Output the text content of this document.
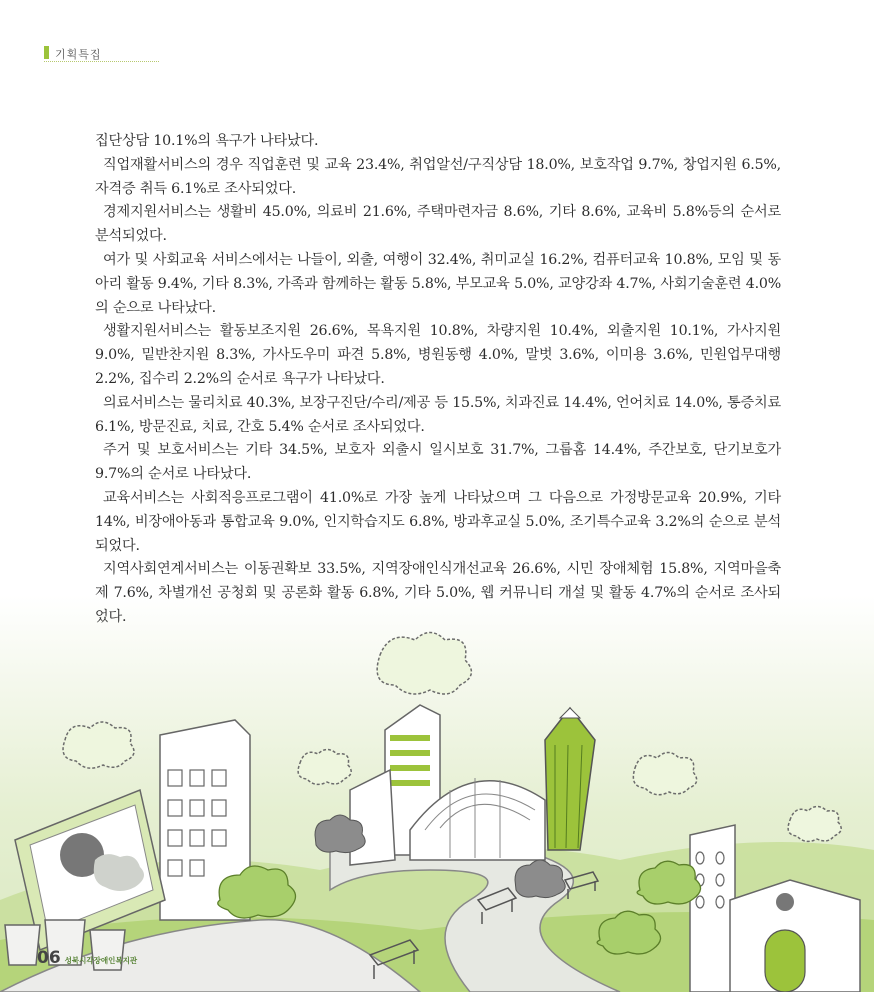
기획특집

집단상담 10.1%의 욕구가 나타났다.

직업재활서비스의 경우 직업훈련 및 교육 23.4%, 취업알선/구직상담 18.0%, 보호작업 9.7%, 창업지원 6.5%, 자격증 취득 6.1%로 조사되었다.

경제지원서비스는 생활비 45.0%, 의료비 21.6%, 주택마련자금 8.6%, 기타 8.6%, 교육비 5.8%등의 순서로 분석되었다.

여가 및 사회교육 서비스에서는 나들이, 외출, 여행이 32.4%, 취미교실 16.2%, 컴퓨터교육 10.8%, 모임 및 동아리 활동 9.4%, 기타 8.3%, 가족과 함께하는 활동 5.8%, 부모교육 5.0%, 교양강좌 4.7%, 사회기술훈련 4.0%의 순으로 나타났다.

생활지원서비스는 활동보조지원 26.6%, 목욕지원 10.8%, 차량지원 10.4%, 외출지원 10.1%, 가사지원 9.0%, 밑반찬지원 8.3%, 가사도우미 파견 5.8%, 병원동행 4.0%, 말벗 3.6%, 이미용 3.6%, 민원업무대행 2.2%, 집수리 2.2%의 순서로 욕구가 나타났다.

의료서비스는 물리치료 40.3%, 보장구진단/수리/제공 등 15.5%, 치과진료 14.4%, 언어치료 14.0%, 통증치료 6.1%, 방문진료, 치료, 간호 5.4% 순서로 조사되었다.

주거 및 보호서비스는 기타 34.5%, 보호자 외출시 일시보호 31.7%, 그룹홈 14.4%, 주간보호, 단기보호가 9.7%의 순서로 나타났다.

교육서비스는 사회적응프로그램이 41.0%로 가장 높게 나타났으며 그 다음으로 가정방문교육 20.9%, 기타 14%, 비장애아동과 통합교육 9.0%, 인지학습지도 6.8%, 방과후교실 5.0%, 조기특수교육 3.2%의 순으로 분석되었다.

지역사회연계서비스는 이동권확보 33.5%, 지역장애인식개선교육 26.6%, 시민 장애체험 15.8%, 지역마을축제 7.6%, 차별개선 공청회 및 공론화 활동 6.8%, 기타 5.0%, 웹 커뮤니티 개설 및 활동 4.7%의 순서로 조사되었다.

06 성북시각장애인복지관
